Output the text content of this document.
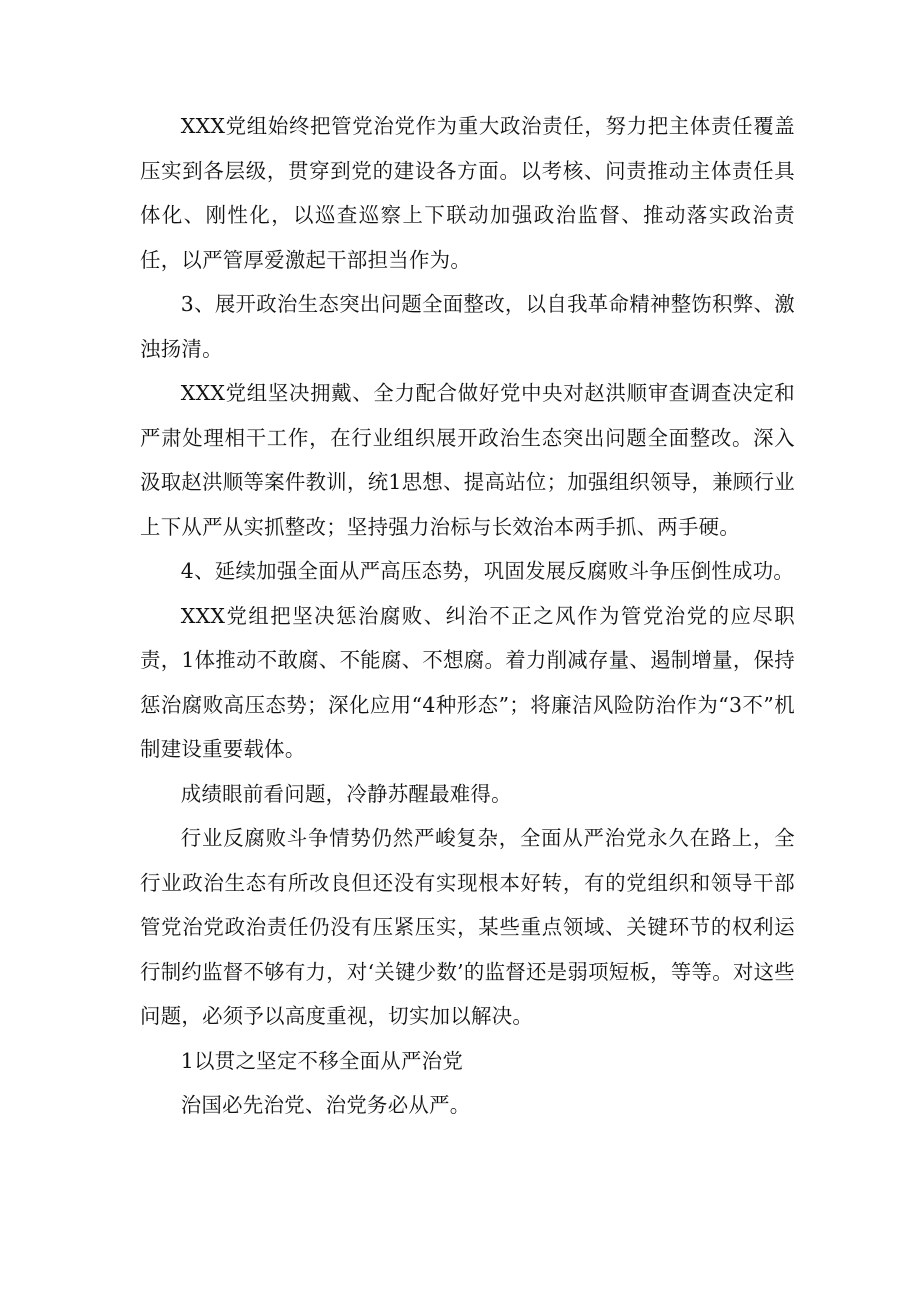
XXX党组始终把管党治党作为重大政治责任，努力把主体责任覆盖压实到各层级，贯穿到党的建设各方面。以考核、问责推动主体责任具体化、刚性化，以巡查巡察上下联动加强政治监督、推动落实政治责任，以严管厚爱激起干部担当作为。

3、展开政治生态突出问题全面整改，以自我革命精神整饬积弊、激浊扬清。

XXX党组坚决拥戴、全力配合做好党中央对赵洪顺审查调查决定和严肃处理相干工作，在行业组织展开政治生态突出问题全面整改。深入汲取赵洪顺等案件教训，统1思想、提高站位；加强组织领导，兼顾行业上下从严从实抓整改；坚持强力治标与长效治本两手抓、两手硬。

4、延续加强全面从严高压态势，巩固发展反腐败斗争压倒性成功。

XXX党组把坚决惩治腐败、纠治不正之风作为管党治党的应尽职责，1体推动不敢腐、不能腐、不想腐。着力削减存量、遏制增量，保持惩治腐败高压态势；深化应用“4种形态”；将廉洁风险防治作为“3不”机制建设重要载体。

成绩眼前看问题，冷静苏醒最难得。

行业反腐败斗争情势仍然严峻复杂，全面从严治党永久在路上，全行业政治生态有所改良但还没有实现根本好转，有的党组织和领导干部管党治党政治责任仍没有压紧压实，某些重点领域、关键环节的权利运行制约监督不够有力，对‘关键少数’的监督还是弱项短板，等等。对这些问题，必须予以高度重视，切实加以解决。

1以贯之坚定不移全面从严治党

治国必先治党、治党务必从严。
